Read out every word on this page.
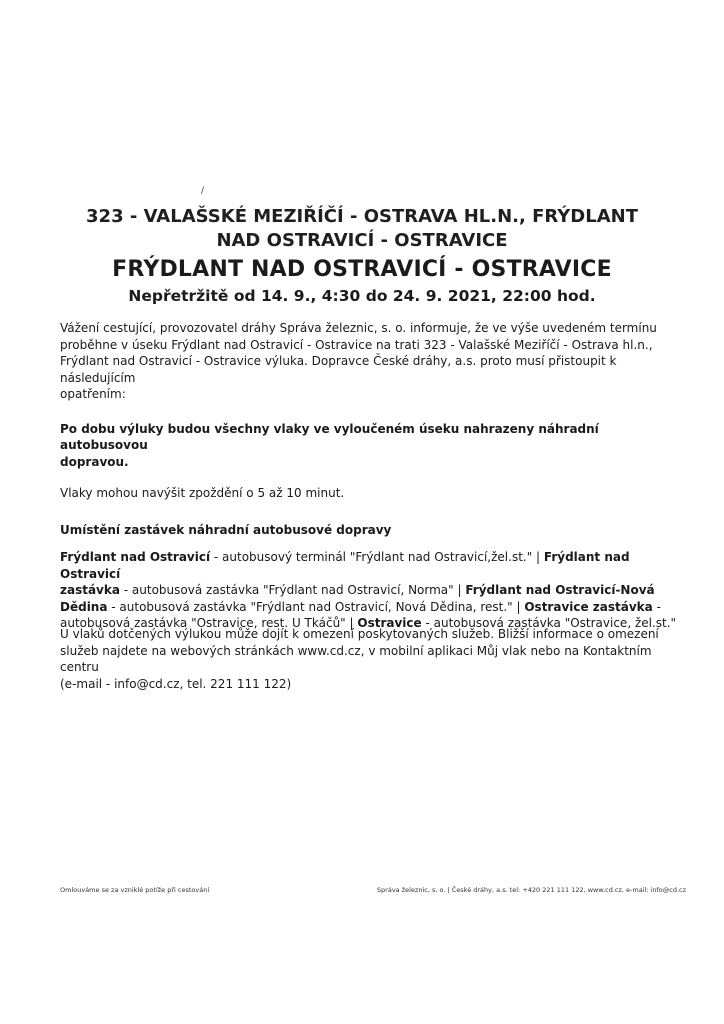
/

323 - VALAŠSKÉ MEZIŘÍČÍ - OSTRAVA HL.N., FRÝDLANT

NAD OSTRAVICÍ - OSTRAVICE

FRÝDLANT NAD OSTRAVICÍ - OSTRAVICE

Nepřetržitě od 14. 9., 4:30 do 24. 9. 2021, 22:00 hod.

Vážení cestující, provozovatel dráhy Správa železnic, s. o. informuje, že ve výše uvedeném termínu
proběhne v úseku Frýdlant nad Ostravicí - Ostravice na trati 323 - Valašské Meziříčí - Ostrava hl.n.,
Frýdlant nad Ostravicí - Ostravice výluka. Dopravce České dráhy, a.s. proto musí přistoupit k následujícím
opatřením:

Po dobu výluky budou všechny vlaky ve vyloučeném úseku nahrazeny náhradní autobusovou
dopravou.

Vlaky mohou navýšit zpoždění o 5 až 10 minut.

Umístění zastávek náhradní autobusové dopravy

Frýdlant nad Ostravicí - autobusový terminál "Frýdlant nad Ostravicí,žel.st." | Frýdlant nad Ostravicí

zastávka - autobusová zastávka "Frýdlant nad Ostravicí, Norma" | Frýdlant nad Ostravicí-Nová

Dědina - autobusová zastávka "Frýdlant nad Ostravicí, Nová Dědina, rest." | Ostravice zastávka -

autobusová zastávka "Ostravice, rest. U Tkáčů" | Ostravice - autobusová zastávka "Ostravice, žel.st."

U vlaků dotčených výlukou může dojít k omezení poskytovaných služeb. Bližší informace o omezení

služeb najdete na webových stránkách www.cd.cz, v mobilní aplikaci Můj vlak nebo na Kontaktním centru

(e-mail - info@cd.cz, tel. 221 111 122)

Omlouváme se za vzniklé potíže při cestování	Správa železnic, s. o. | České dráhy, a.s. tel: +420 221 111 122, www.cd.cz, e-mail: info@cd.cz
